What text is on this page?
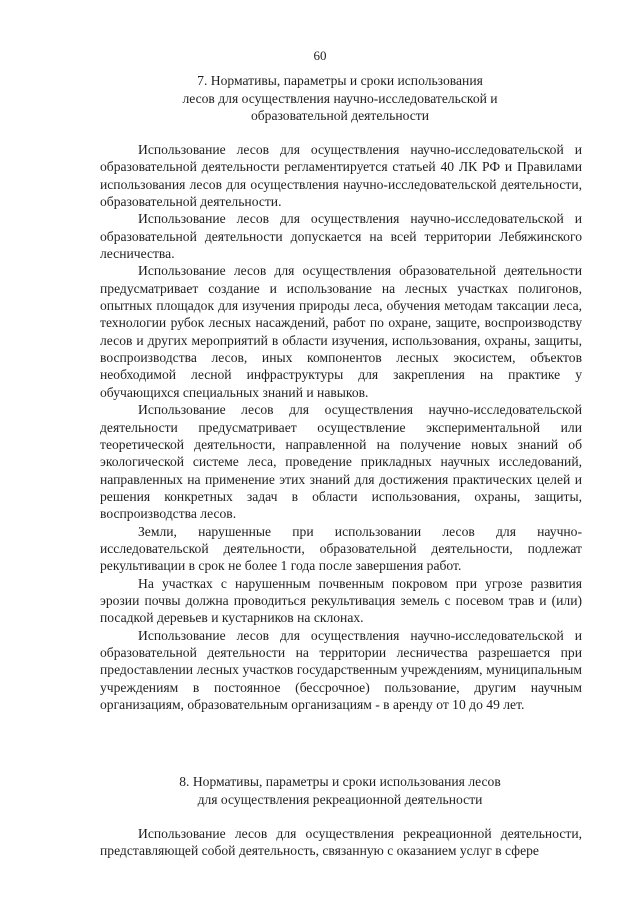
60
7. Нормативы, параметры и сроки использования
лесов для осуществления научно-исследовательской и
образовательной деятельности

Использование лесов для осуществления научно-исследовательской и образовательной деятельности регламентируется статьей 40 ЛК РФ и Правилами использования лесов для осуществления научно-исследовательской деятельности, образовательной деятельности.

Использование лесов для осуществления научно-исследовательской и образовательной деятельности допускается на всей территории Лебяжинского лесничества.

Использование лесов для осуществления образовательной деятельности предусматривает создание и использование на лесных участках полигонов, опытных площадок для изучения природы леса, обучения методам таксации леса, технологии рубок лесных насаждений, работ по охране, защите, воспроизводству лесов и других мероприятий в области изучения, использования, охраны, защиты, воспроизводства лесов, иных компонентов лесных экосистем, объектов необходимой лесной инфраструктуры для закрепления на практике у обучающихся специальных знаний и навыков.

Использование лесов для осуществления научно-исследовательской деятельности предусматривает осуществление экспериментальной или теоретической деятельности, направленной на получение новых знаний об экологической системе леса, проведение прикладных научных исследований, направленных на применение этих знаний для достижения практических целей и решения конкретных задач в области использования, охраны, защиты, воспроизводства лесов.

Земли, нарушенные при использовании лесов для научно-исследовательской деятельности, образовательной деятельности, подлежат рекультивации в срок не более 1 года после завершения работ.

На участках с нарушенным почвенным покровом при угрозе развития эрозии почвы должна проводиться рекультивация земель с посевом трав и (или) посадкой деревьев и кустарников на склонах.

Использование лесов для осуществления научно-исследовательской и образовательной деятельности на территории лесничества разрешается при предоставлении лесных участков государственным учреждениям, муниципальным учреждениям в постоянное (бессрочное) пользование, другим научным организациям, образовательным организациям - в аренду от 10 до 49 лет.

8. Нормативы, параметры и сроки использования лесов
для осуществления рекреационной деятельности

Использование лесов для осуществления рекреационной деятельности, представляющей собой деятельность, связанную с оказанием услуг в сфере
